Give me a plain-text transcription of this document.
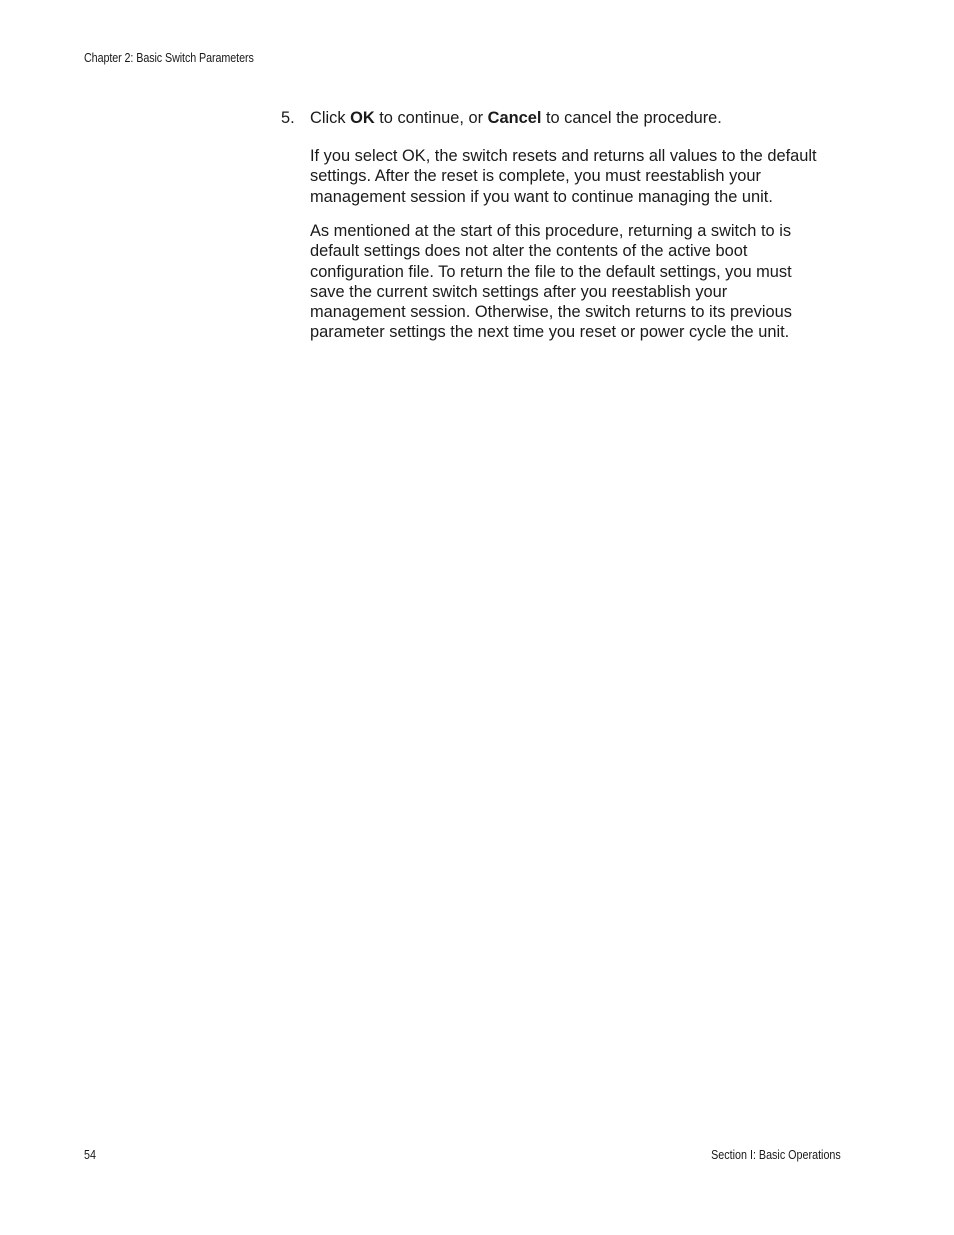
Chapter 2: Basic Switch Parameters
5. Click OK to continue, or Cancel to cancel the procedure.

If you select OK, the switch resets and returns all values to the default
settings. After the reset is complete, you must reestablish your
management session if you want to continue managing the unit.

As mentioned at the start of this procedure, returning a switch to is
default settings does not alter the contents of the active boot
configuration file. To return the file to the default settings, you must
save the current switch settings after you reestablish your
management session. Otherwise, the switch returns to its previous
parameter settings the next time you reset or power cycle the unit.

54	Section I: Basic Operations
